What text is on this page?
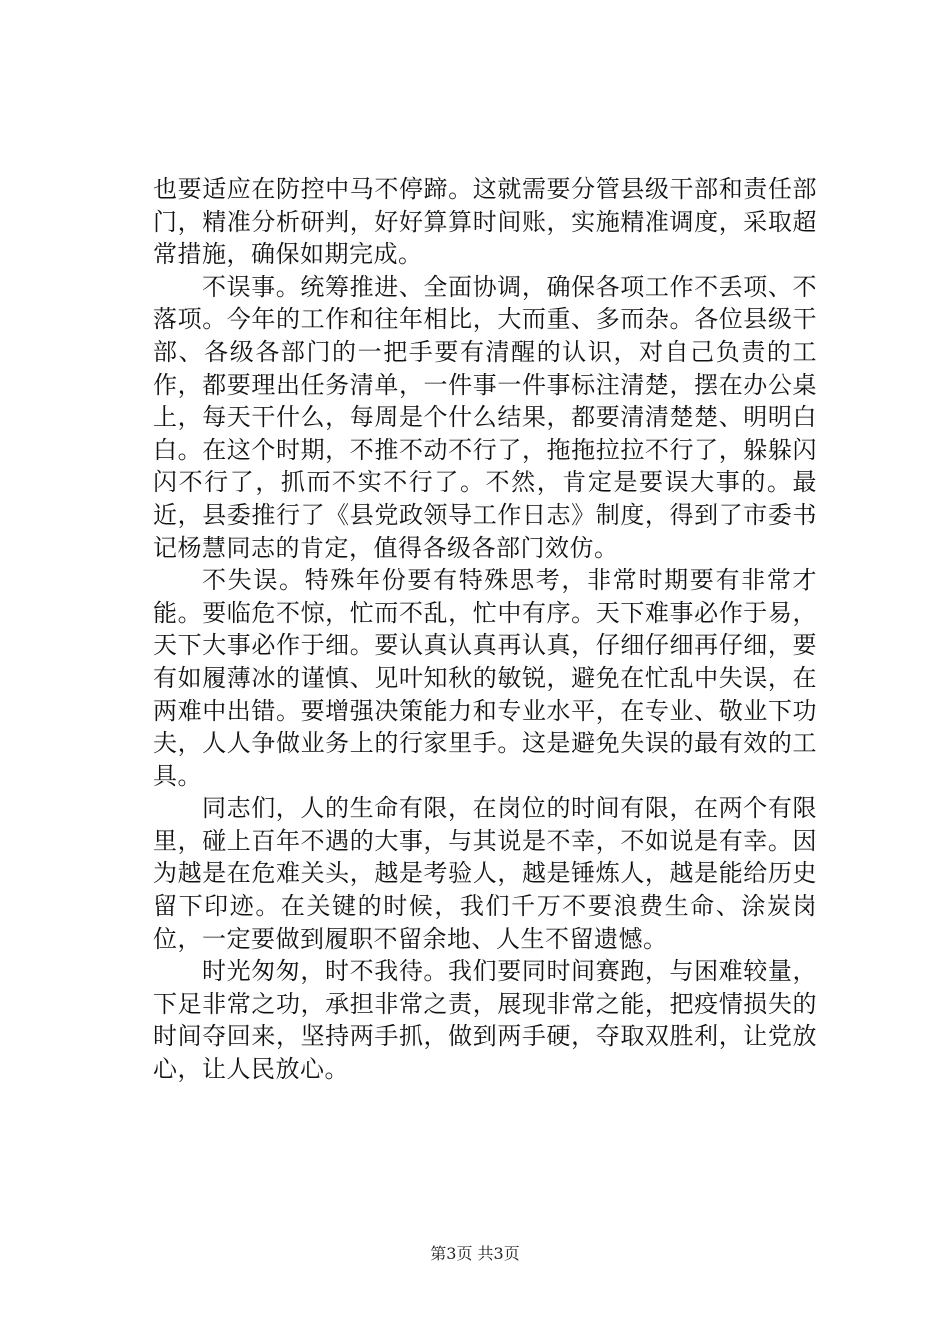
也要适应在防控中马不停蹄。这就需要分管县级干部和责任部门，精准分析研判，好好算算时间账，实施精准调度，采取超常措施，确保如期完成。

不误事。统筹推进、全面协调，确保各项工作不丢项、不落项。今年的工作和往年相比，大而重、多而杂。各位县级干部、各级各部门的一把手要有清醒的认识，对自己负责的工作，都要理出任务清单，一件事一件事标注清楚，摆在办公桌上，每天干什么，每周是个什么结果，都要清清楚楚、明明白白。在这个时期，不推不动不行了，拖拖拉拉不行了，躲躲闪闪不行了，抓而不实不行了。不然，肯定是要误大事的。最近，县委推行了《县党政领导工作日志》制度，得到了市委书记杨慧同志的肯定，值得各级各部门效仿。

不失误。特殊年份要有特殊思考，非常时期要有非常才能。要临危不惊，忙而不乱，忙中有序。天下难事必作于易，天下大事必作于细。要认真认真再认真，仔细仔细再仔细，要有如履薄冰的谨慎、见叶知秋的敏锐，避免在忙乱中失误，在两难中出错。要增强决策能力和专业水平，在专业、敬业下功夫，人人争做业务上的行家里手。这是避免失误的最有效的工具。

同志们，人的生命有限，在岗位的时间有限，在两个有限里，碰上百年不遇的大事，与其说是不幸，不如说是有幸。因为越是在危难关头，越是考验人，越是锤炼人，越是能给历史留下印迹。在关键的时候，我们千万不要浪费生命、涂炭岗位，一定要做到履职不留余地、人生不留遗憾。

时光匆匆，时不我待。我们要同时间赛跑，与困难较量，下足非常之功，承担非常之责，展现非常之能，把疫情损失的时间夺回来，坚持两手抓，做到两手硬，夺取双胜利，让党放心，让人民放心。

第3页 共3页
